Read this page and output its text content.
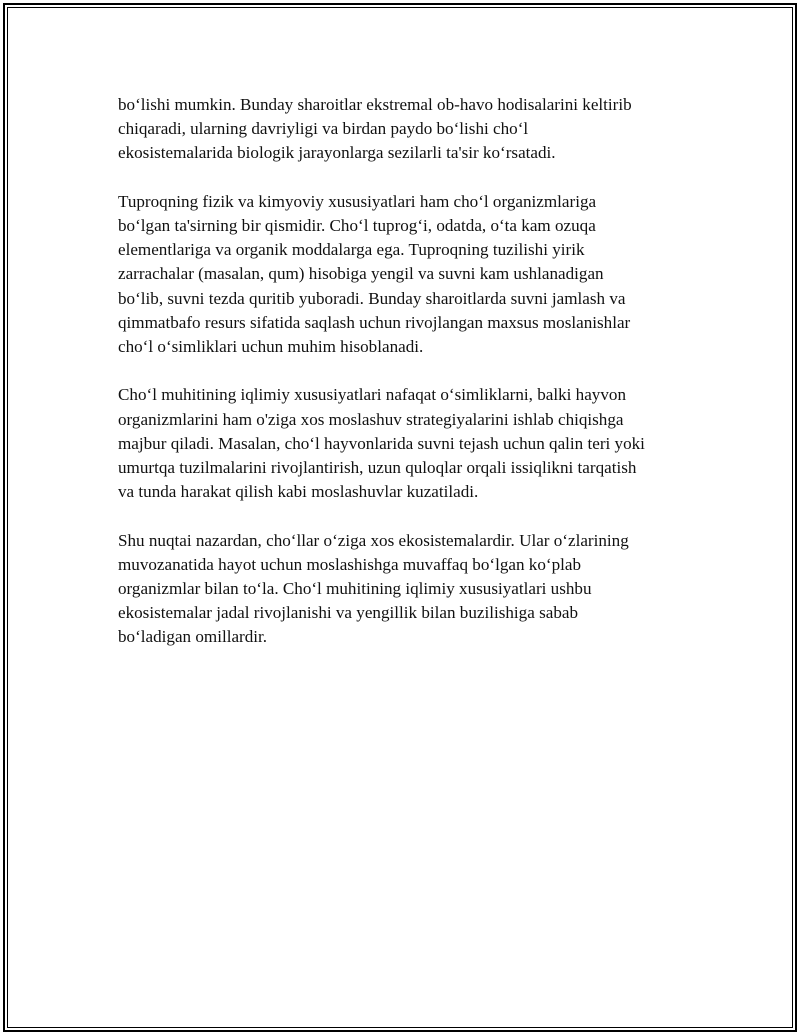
bo‘lishi mumkin. Bunday sharoitlar ekstremal ob-havo hodisalarini keltirib
chiqaradi, ularning davriyligi va birdan paydo bo‘lishi cho‘l
ekosistemalarida biologik jarayonlarga sezilarli ta'sir ko‘rsatadi.

Tuproqning fizik va kimyoviy xususiyatlari ham cho‘l organizmlariga
bo‘lgan ta'sirning bir qismidir. Cho‘l tuprog‘i, odatda, o‘ta kam ozuqa
elementlariga va organik moddalarga ega. Tuproqning tuzilishi yirik
zarrachalar (masalan, qum) hisobiga yengil va suvni kam ushlanadigan
bo‘lib, suvni tezda quritib yuboradi. Bunday sharoitlarda suvni jamlash va
qimmatbafo resurs sifatida saqlash uchun rivojlangan maxsus moslanishlar
cho‘l o‘simliklari uchun muhim hisoblanadi.

Cho‘l muhitining iqlimiy xususiyatlari nafaqat o‘simliklarni, balki hayvon
organizmlarini ham o'ziga xos moslashuv strategiyalarini ishlab chiqishga
majbur qiladi. Masalan, cho‘l hayvonlarida suvni tejash uchun qalin teri yoki
umurtqa tuzilmalarini rivojlantirish, uzun quloqlar orqali issiqlikni tarqatish
va tunda harakat qilish kabi moslashuvlar kuzatiladi.

Shu nuqtai nazardan, cho‘llar o‘ziga xos ekosistemalardir. Ular o‘zlarining
muvozanatida hayot uchun moslashishga muvaffaq bo‘lgan ko‘plab
organizmlar bilan to‘la. Cho‘l muhitining iqlimiy xususiyatlari ushbu
ekosistemalar jadal rivojlanishi va yengillik bilan buzilishiga sabab
bo‘ladigan omillardir.
